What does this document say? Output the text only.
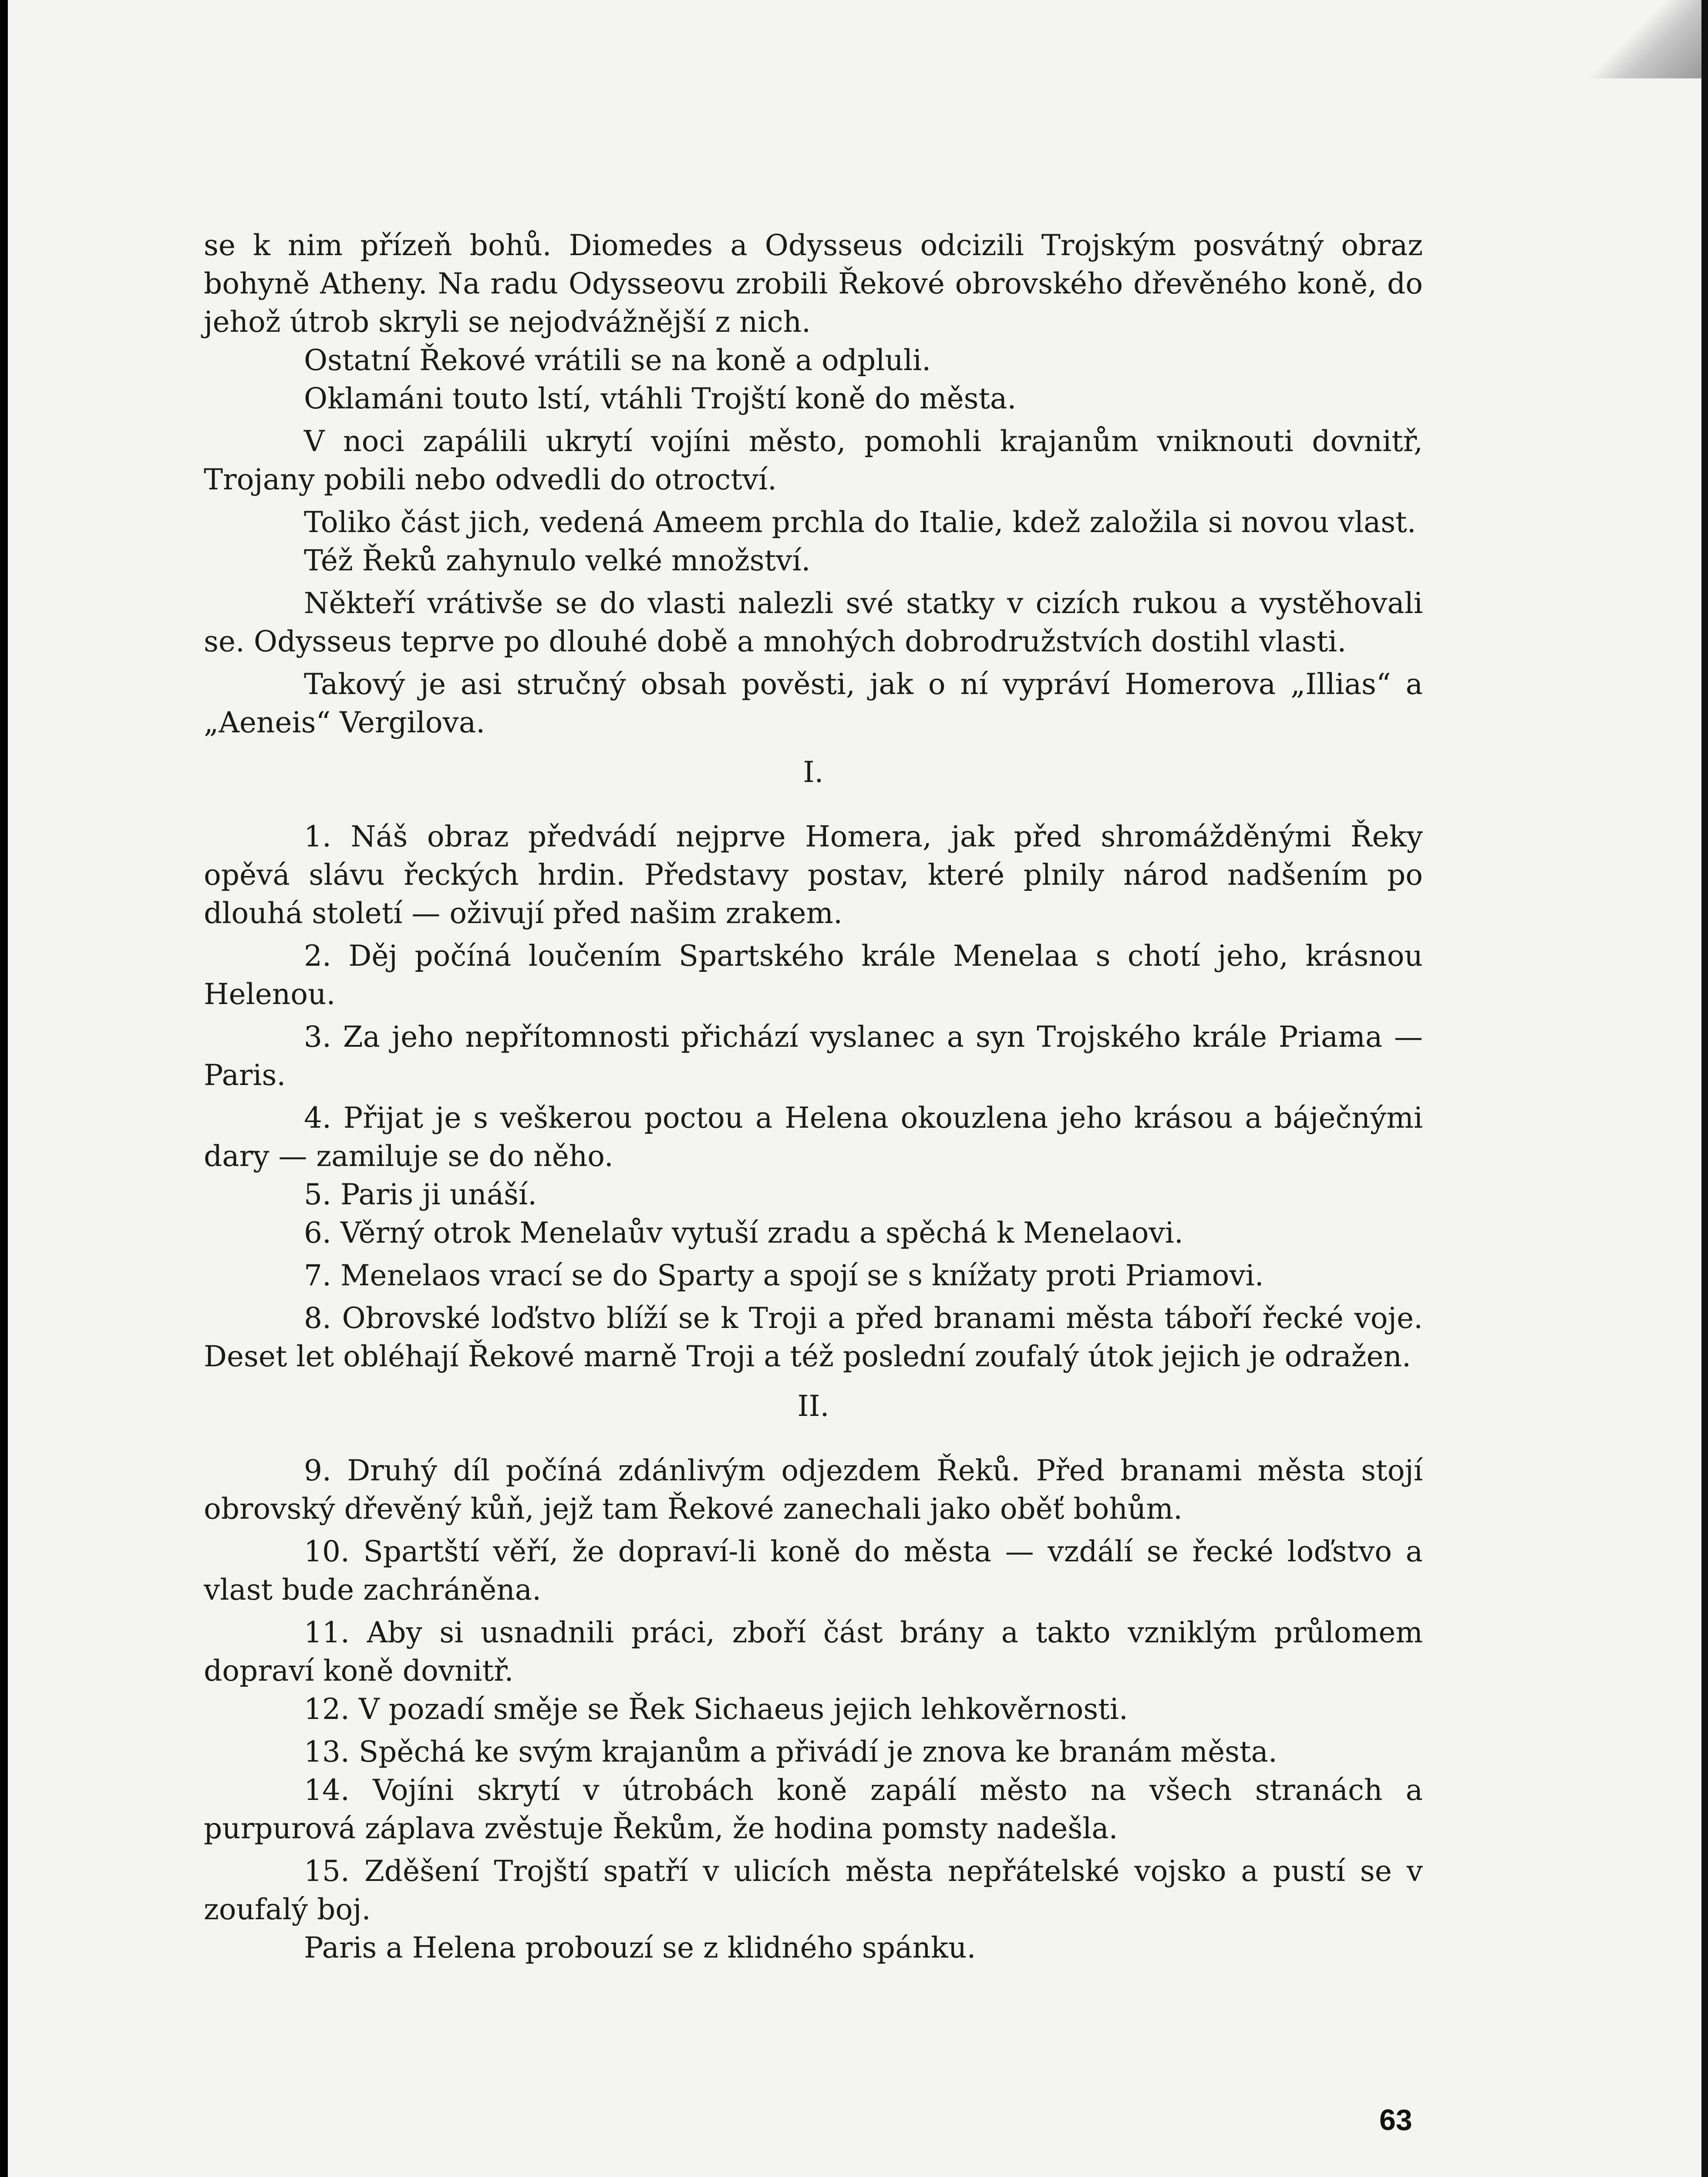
se k nim přízeň bohů. Diomedes a Odysseus odcizili Trojským posvátný obraz bohyně Atheny. Na radu Odysseovu zrobili Řekové obrovského dřevěného koně, do jehož útrob skryli se nejodvážnější z nich.

Ostatní Řekové vrátili se na koně a odpluli.

Oklamáni touto lstí, vtáhli Trojští koně do města.

V noci zapálili ukrytí vojíni město, pomohli krajanům vniknouti dovnitř, Trojany pobili nebo odvedli do otroctví.

Toliko část jich, vedená Ameem prchla do Italie, kdež založila si novou vlast.

Též Řeků zahynulo velké množství.

Někteří vrátivše se do vlasti nalezli své statky v cizích rukou a vystěhovali se. Odysseus teprve po dlouhé době a mnohých dobrodružstvích dostihl vlasti.

Takový je asi stručný obsah pověsti, jak o ní vypráví Homerova „Illias“ a „Aeneis“ Vergilova.

I.

1. Náš obraz předvádí nejprve Homera, jak před shromážděnými Řeky opěvá slávu řeckých hrdin. Představy postav, které plnily národ nadšením po dlouhá století — oživují před našim zrakem.

2. Děj počíná loučením Spartského krále Menelaa s chotí jeho, krásnou Helenou.

3. Za jeho nepřítomnosti přichází vyslanec a syn Trojského krále Priama — Paris.

4. Přijat je s veškerou poctou a Helena okouzlena jeho krásou a báječnými dary — zamiluje se do něho.

5. Paris ji unáší.

6. Věrný otrok Menelaův vytuší zradu a spěchá k Menelaovi.

7. Menelaos vrací se do Sparty a spojí se s knížaty proti Priamovi.

8. Obrovské loďstvo blíží se k Troji a před branami města táboří řecké voje. Deset let obléhají Řekové marně Troji a též poslední zoufalý útok jejich je odražen.

II.

9. Druhý díl počíná zdánlivým odjezdem Řeků. Před branami města stojí obrovský dřevěný kůň, jejž tam Řekové zanechali jako oběť bohům.

10. Spartští věří, že dopraví-li koně do města — vzdálí se řecké loďstvo a vlast bude zachráněna.

11. Aby si usnadnili práci, zboří část brány a takto vzniklým průlomem dopraví koně dovnitř.

12. V pozadí směje se Řek Sichaeus jejich lehkověrnosti.

13. Spěchá ke svým krajanům a přivádí je znova ke branám města.

14. Vojíni skrytí v útrobách koně zapálí město na všech stranách a purpurová záplava zvěstuje Řekům, že hodina pomsty nadešla.

15. Zděšení Trojští spatří v ulicích města nepřátelské vojsko a pustí se v zoufalý boj.

Paris a Helena probouzí se z klidného spánku.

63
